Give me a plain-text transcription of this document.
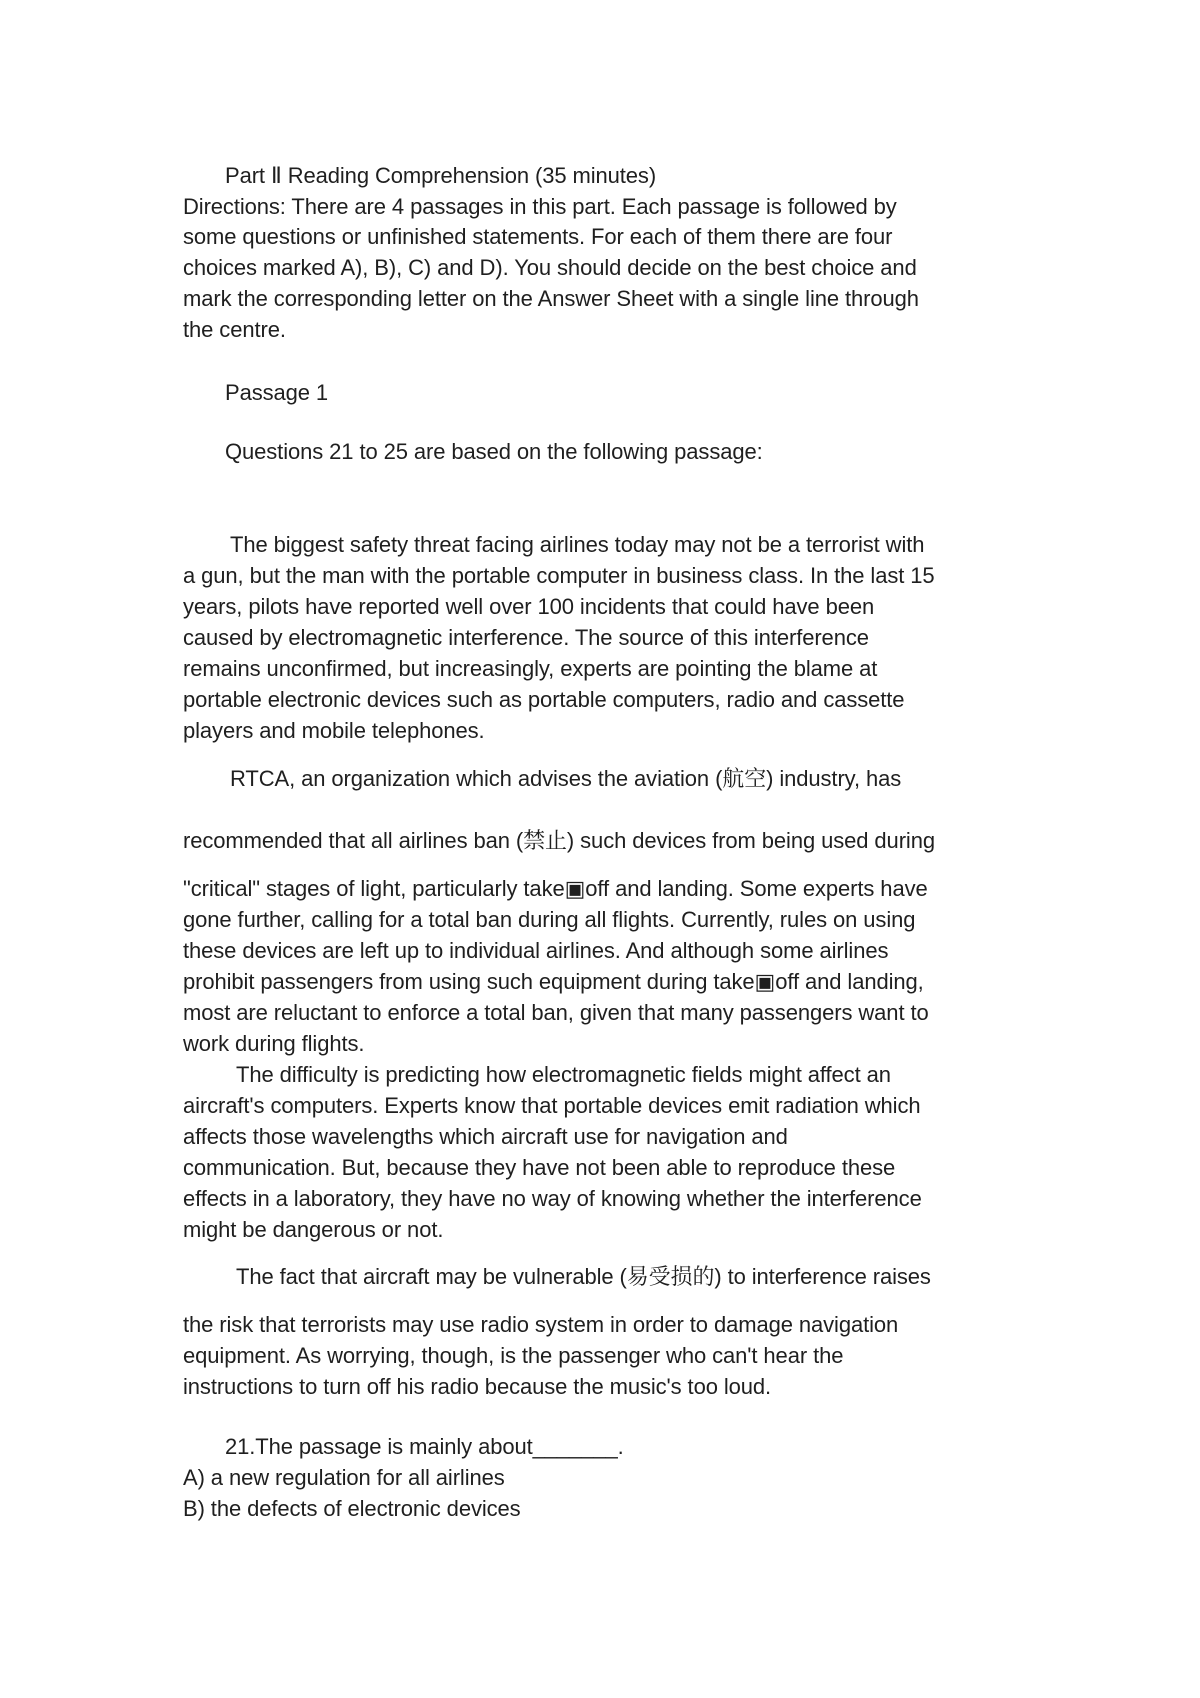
Part Ⅱ Reading Comprehension (35 minutes)
Directions: There are 4 passages in this part. Each passage is followed by
some questions or unfinished statements. For each of them there are four
choices marked A), B), C) and D). You should decide on the best choice and
mark the corresponding letter on the Answer Sheet with a single line through
the centre.
Passage 1
Questions 21 to 25 are based on the following passage:
The biggest safety threat facing airlines today may not be a terrorist with
a gun, but the man with the portable computer in business class. In the last 15
years, pilots have reported well over 100 incidents that could have been
caused by electromagnetic interference. The source of this interference
remains unconfirmed, but increasingly, experts are pointing the blame at
portable electronic devices such as portable computers, radio and cassette
players and mobile telephones.
RTCA, an organization which advises the aviation (航空) industry, has
recommended that all airlines ban (禁止) such devices from being used during
"critical" stages of light, particularly take▣off and landing. Some experts have
gone further, calling for a total ban during all flights. Currently, rules on using
these devices are left up to individual airlines. And although some airlines
prohibit passengers from using such equipment during take▣off and landing,
most are reluctant to enforce a total ban, given that many passengers want to
work during flights.
The difficulty is predicting how electromagnetic fields might affect an
aircraft's computers. Experts know that portable devices emit radiation which
affects those wavelengths which aircraft use for navigation and
communication. But, because they have not been able to reproduce these
effects in a laboratory, they have no way of knowing whether the interference
might be dangerous or not.
The fact that aircraft may be vulnerable (易受损的) to interference raises
the risk that terrorists may use radio system in order to damage navigation
equipment. As worrying, though, is the passenger who can't hear the
instructions to turn off his radio because the music's too loud.
21.The passage is mainly about_______.
A) a new regulation for all airlines
B) the defects of electronic devices
